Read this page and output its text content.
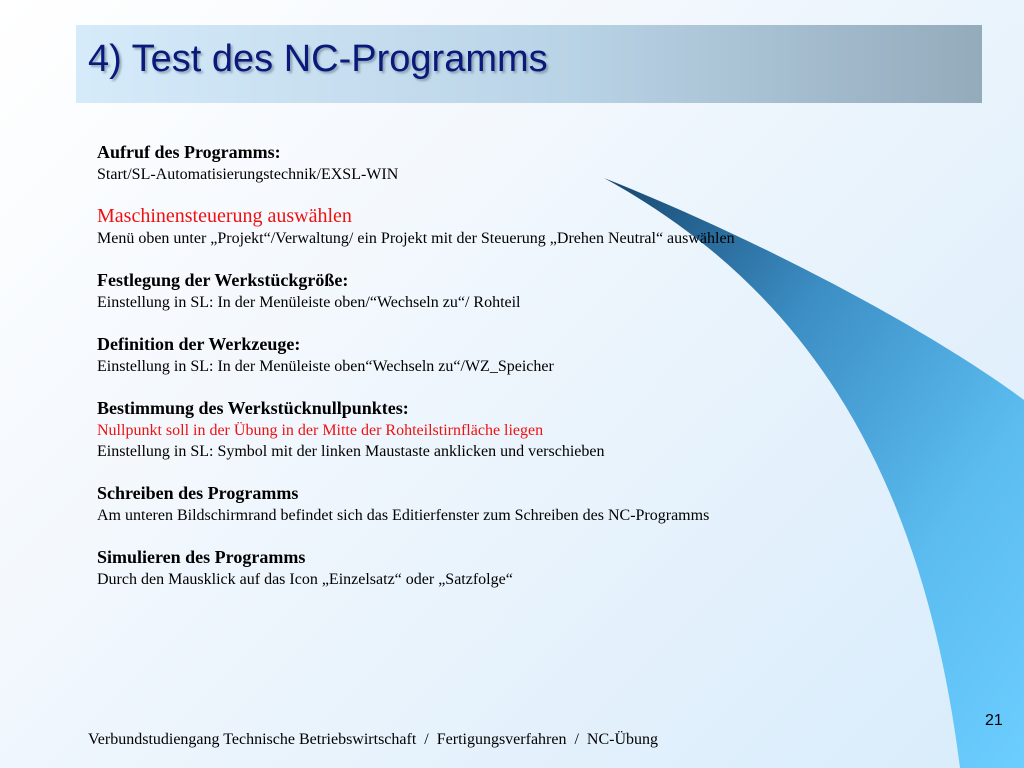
4) Test des NC-Programms
Aufruf des Programms:
Start/SL-Automatisierungstechnik/EXSL-WIN
Maschinensteuerung auswählen
Menü oben unter „Projekt“/Verwaltung/ ein Projekt mit der Steuerung „Drehen Neutral“ auswählen
Festlegung der Werkstückgröße:
Einstellung in SL: In der Menüleiste oben/“Wechseln zu“/ Rohteil
Definition der Werkzeuge:
Einstellung in SL: In der Menüleiste oben“Wechseln zu“/WZ_Speicher
Bestimmung des Werkstücknullpunktes:
Nullpunkt soll in der Übung in der Mitte der Rohteilstirnfläche liegen
Einstellung in SL: Symbol mit der linken Maustaste anklicken und verschieben
Schreiben des Programms
Am unteren Bildschirmrand befindet sich das Editierfenster zum Schreiben des NC-Programms
Simulieren des Programms
Durch den Mausklick auf das Icon „Einzelsatz“ oder „Satzfolge“
21
Verbundstudiengang Technische Betriebswirtschaft / Fertigungsverfahren / NC-Übung
